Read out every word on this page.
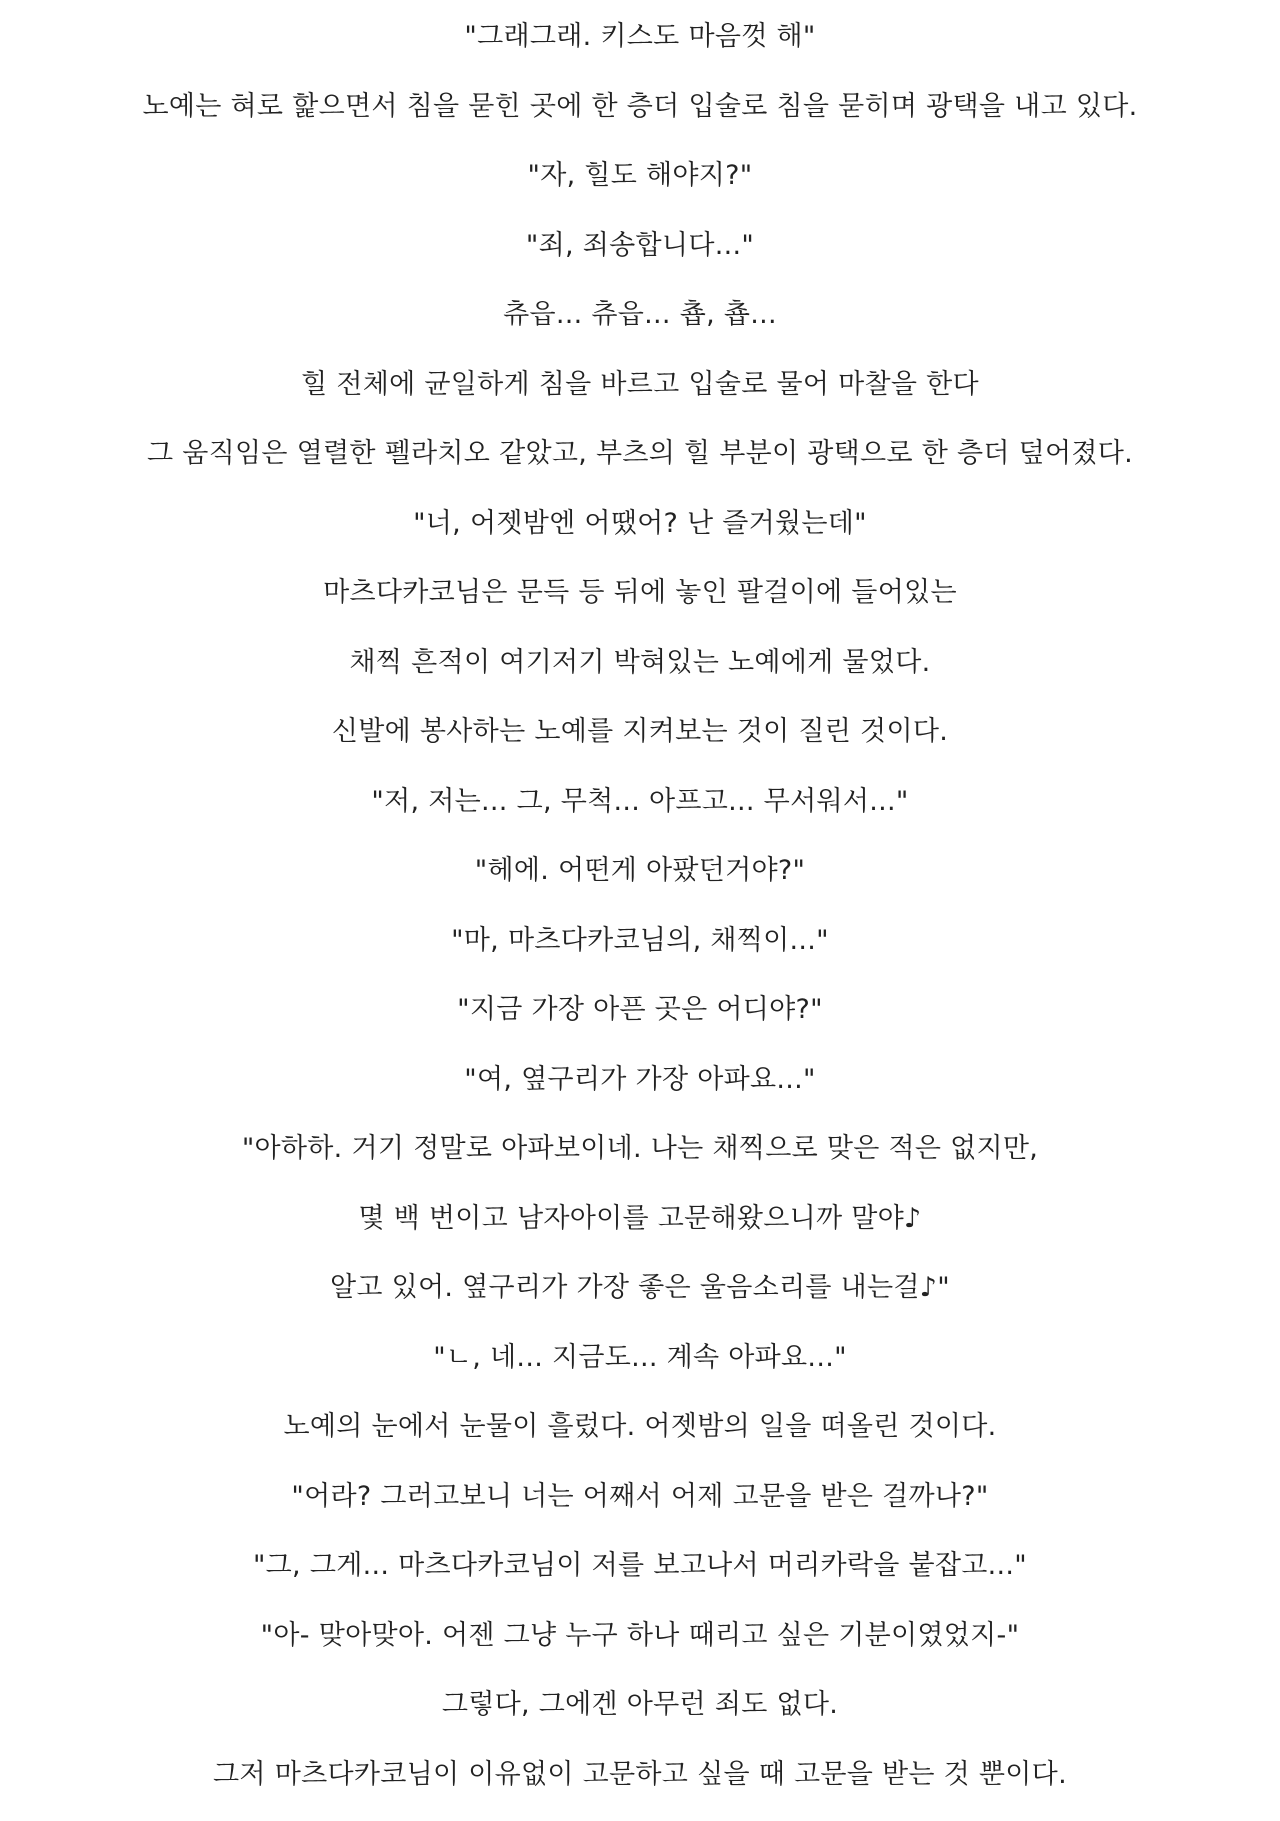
"그래그래. 키스도 마음껏 해"

노예는 혀로 핥으면서 침을 묻힌 곳에 한 층더 입술로 침을 묻히며 광택을 내고 있다.

"자, 힐도 해야지?"

"죄, 죄송합니다..."

츄읍... 츄읍... 춉, 춉...

힐 전체에 균일하게 침을 바르고 입술로 물어 마찰을 한다

그 움직임은 열렬한 펠라치오 같았고, 부츠의 힐 부분이 광택으로 한 층더 덮어졌다.

"너, 어젯밤엔 어땠어? 난 즐거웠는데"

마츠다카코님은 문득 등 뒤에 놓인 팔걸이에 들어있는

채찍 흔적이 여기저기 박혀있는 노예에게 물었다.

신발에 봉사하는 노예를 지켜보는 것이 질린 것이다.

"저, 저는... 그, 무척... 아프고... 무서워서..."

"헤에. 어떤게 아팠던거야?"

"마, 마츠다카코님의, 채찍이..."

"지금 가장 아픈 곳은 어디야?"

"여, 옆구리가 가장 아파요..."

"아하하. 거기 정말로 아파보이네. 나는 채찍으로 맞은 적은 없지만,

몇 백 번이고 남자아이를 고문해왔으니까 말야♪

알고 있어. 옆구리가 가장 좋은 울음소리를 내는걸♪"

"ㄴ, 네... 지금도... 계속 아파요..."

노예의 눈에서 눈물이 흘렀다. 어젯밤의 일을 떠올린 것이다.

"어라? 그러고보니 너는 어째서 어제 고문을 받은 걸까나?"

"그, 그게... 마츠다카코님이 저를 보고나서 머리카락을 붙잡고..."

"아- 맞아맞아. 어젠 그냥 누구 하나 때리고 싶은 기분이였었지-"

그렇다, 그에겐 아무런 죄도 없다.

그저 마츠다카코님이 이유없이 고문하고 싶을 때 고문을 받는 것 뿐이다.
